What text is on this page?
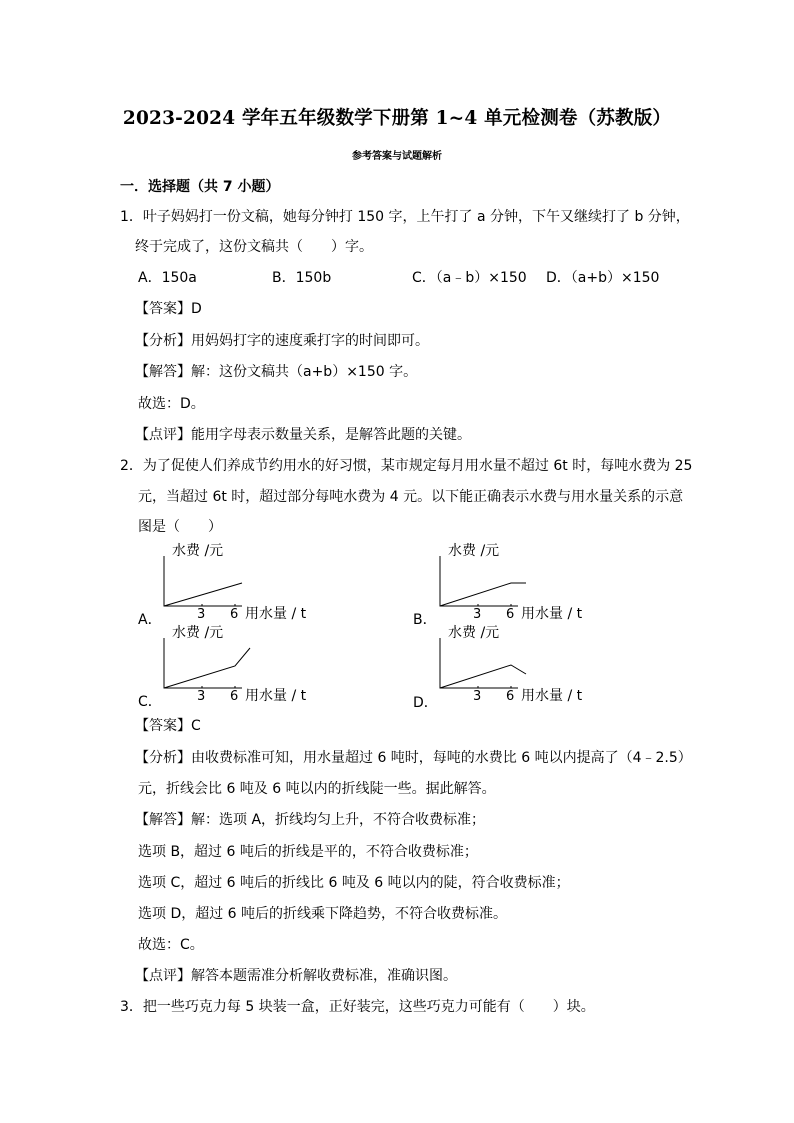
2023-2024 学年五年级数学下册第 1~4 单元检测卷（苏教版）
参考答案与试题解析
一．选择题（共 7 小题）
1．叶子妈妈打一份文稿，她每分钟打 150 字，上午打了 a 分钟，下午又继续打了 b 分钟，
终于完成了，这份文稿共（　　）字。
A．150a	B．150b	C．（a﹣b）×150 D．（a+b）×150
【答案】D
【分析】用妈妈打字的速度乘打字的时间即可。
【解答】解：这份文稿共（a+b）×150 字。
故选：D。
【点评】能用字母表示数量关系，是解答此题的关键。
2．为了促使人们养成节约用水的好习惯，某市规定每月用水量不超过 6t 时，每吨水费为 25
元，当超过 6t 时，超过部分每吨水费为 4 元。以下能正确表示水费与用水量关系的示意
图是（　　）
水费 /元
3 6 用水量 / t
A．
水费 /元
3 6 用水量 / t
B．
水费 /元
3 6 用水量 / t
C．
水费 /元
3 6 用水量 / t
D．
【答案】C
【分析】由收费标准可知，用水量超过 6 吨时，每吨的水费比 6 吨以内提高了（4﹣2.5）
元，折线会比 6 吨及 6 吨以内的折线陡一些。据此解答。
【解答】解：选项 A，折线均匀上升，不符合收费标准；
选项 B，超过 6 吨后的折线是平的，不符合收费标准；
选项 C，超过 6 吨后的折线比 6 吨及 6 吨以内的陡，符合收费标准；
选项 D，超过 6 吨后的折线乘下降趋势，不符合收费标准。
故选：C。
【点评】解答本题需准分析解收费标准，准确识图。
3．把一些巧克力每 5 块装一盒，正好装完，这些巧克力可能有（　　）块。
